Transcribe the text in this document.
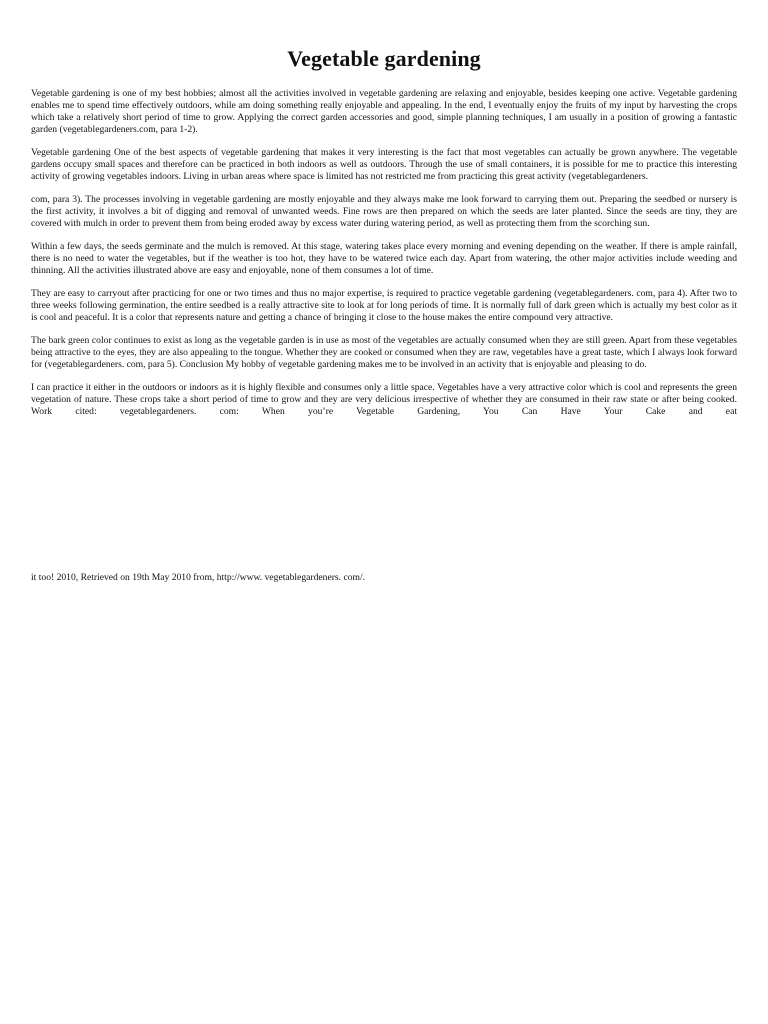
Vegetable gardening

Vegetable gardening is one of my best hobbies; almost all the activities involved in vegetable gardening are relaxing and enjoyable, besides keeping one active. Vegetable gardening enables me to spend time effectively outdoors, while am doing something really enjoyable and appealing. In the end, I eventually enjoy the fruits of my input by harvesting the crops which take a relatively short period of time to grow. Applying the correct garden accessories and good, simple planning techniques, I am usually in a position of growing a fantastic garden (vegetablegardeners.com, para 1-2).

Vegetable gardening One of the best aspects of vegetable gardening that makes it very interesting is the fact that most vegetables can actually be grown anywhere. The vegetable gardens occupy small spaces and therefore can be practiced in both indoors as well as outdoors. Through the use of small containers, it is possible for me to practice this interesting activity of growing vegetables indoors. Living in urban areas where space is limited has not restricted me from practicing this great activity (vegetablegardeners.

com, para 3). The processes involving in vegetable gardening are mostly enjoyable and they always make me look forward to carrying them out. Preparing the seedbed or nursery is the first activity, it involves a bit of digging and removal of unwanted weeds. Fine rows are then prepared on which the seeds are later planted. Since the seeds are tiny, they are covered with mulch in order to prevent them from being eroded away by excess water during watering period, as well as protecting them from the scorching sun.

Within a few days, the seeds germinate and the mulch is removed. At this stage, watering takes place every morning and evening depending on the weather. If there is ample rainfall, there is no need to water the vegetables, but if the weather is too hot, they have to be watered twice each day. Apart from watering, the other major activities include weeding and thinning. All the activities illustrated above are easy and enjoyable, none of them consumes a lot of time.

They are easy to carryout after practicing for one or two times and thus no major expertise, is required to practice vegetable gardening (vegetablegardeners. com, para 4). After two to three weeks following germination, the entire seedbed is a really attractive site to look at for long periods of time. It is normally full of dark green which is actually my best color as it is cool and peaceful. It is a color that represents nature and getting a chance of bringing it close to the house makes the entire compound very attractive.

The bark green color continues to exist as long as the vegetable garden is in use as most of the vegetables are actually consumed when they are still green. Apart from these vegetables being attractive to the eyes, they are also appealing to the tongue. Whether they are cooked or consumed when they are raw, vegetables have a great taste, which I always look forward for (vegetablegardeners. com, para 5). Conclusion My hobby of vegetable gardening makes me to be involved in an activity that is enjoyable and pleasing to do.

I can practice it either in the outdoors or indoors as it is highly flexible and consumes only a little space. Vegetables have a very attractive color which is cool and represents the green vegetation of nature. These crops take a short period of time to grow and they are very delicious irrespective of whether they are consumed in their raw state or after being cooked. Work cited: vegetablegardeners. com: When you’re Vegetable Gardening, You Can Have Your Cake and eat

it too! 2010, Retrieved on 19th May 2010 from, http://www. vegetablegardeners. com/.
